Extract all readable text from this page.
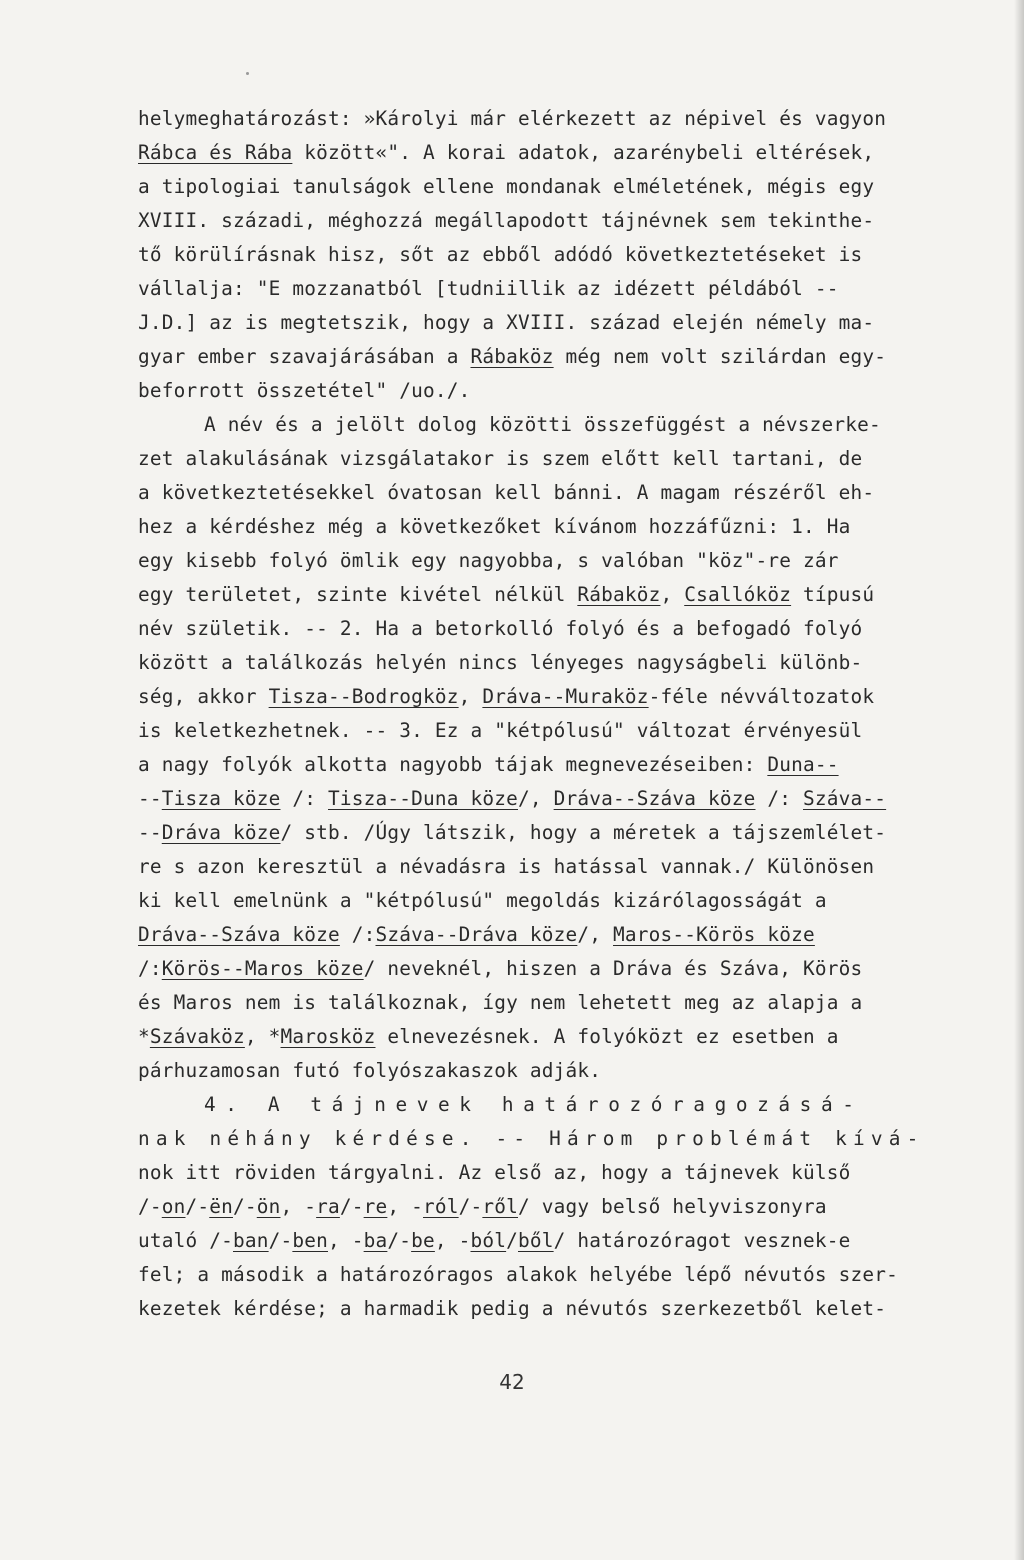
helymeghatározást: »Károlyi már elérkezett az népivel és vagyon
Rábca és Rába között«". A korai adatok, azarénybeli eltérések,
a tipologiai tanulságok ellene mondanak elméletének, mégis egy
XVIII. századi, méghozzá megállapodott tájnévnek sem tekinthe-
tő körülírásnak hisz, sőt az ebből adódó következtetéseket is
vállalja: "E mozzanatból [tudniillik az idézett példából --
J.D.] az is megtetszik, hogy a XVIII. század elején némely ma-
gyar ember szavajárásában a Rábaköz még nem volt szilárdan egy-
beforrott összetétel" /uo./.
A név és a jelölt dolog közötti összefüggést a névszerke-
zet alakulásának vizsgálatakor is szem előtt kell tartani, de
a következtetésekkel óvatosan kell bánni. A magam részéről eh-
hez a kérdéshez még a következőket kívánom hozzáfűzni: 1. Ha
egy kisebb folyó ömlik egy nagyobba, s valóban "köz"-re zár
egy területet, szinte kivétel nélkül Rábaköz, Csallóköz típusú
név születik. -- 2. Ha a betorkolló folyó és a befogadó folyó
között a találkozás helyén nincs lényeges nagyságbeli különb-
ség, akkor Tisza--Bodrogköz, Dráva--Muraköz-féle névváltozatok
is keletkezhetnek. -- 3. Ez a "kétpólusú" változat érvényesül
a nagy folyók alkotta nagyobb tájak megnevezéseiben: Duna--
--Tisza köze /: Tisza--Duna köze/, Dráva--Száva köze /: Száva--
--Dráva köze/ stb. /Úgy látszik, hogy a méretek a tájszemlélet-
re s azon keresztül a névadásra is hatással vannak./ Különösen
ki kell emelnünk a "kétpólusú" megoldás kizárólagosságát a
Dráva--Száva köze /:Száva--Dráva köze/, Maros--Körös köze
/:Körös--Maros köze/ neveknél, hiszen a Dráva és Száva, Körös
és Maros nem is találkoznak, így nem lehetett meg az alapja a
*Szávaköz, *Marosköz elnevezésnek. A folyóközt ez esetben a
párhuzamosan futó folyószakaszok adják.
4. A tájnevek határozóragozásá-
nak néhány kérdése. -- Három problémát kívá-
nok itt röviden tárgyalni. Az első az, hogy a tájnevek külső
/-on/-ën/-ön, -ra/-re, -ról/-ről/ vagy belső helyviszonyra
utaló /-ban/-ben, -ba/-be, -ból/ből/ határozóragot vesznek-e
fel; a második a határozóragos alakok helyébe lépő névutós szer-
kezetek kérdése; a harmadik pedig a névutós szerkezetből kelet-
42
